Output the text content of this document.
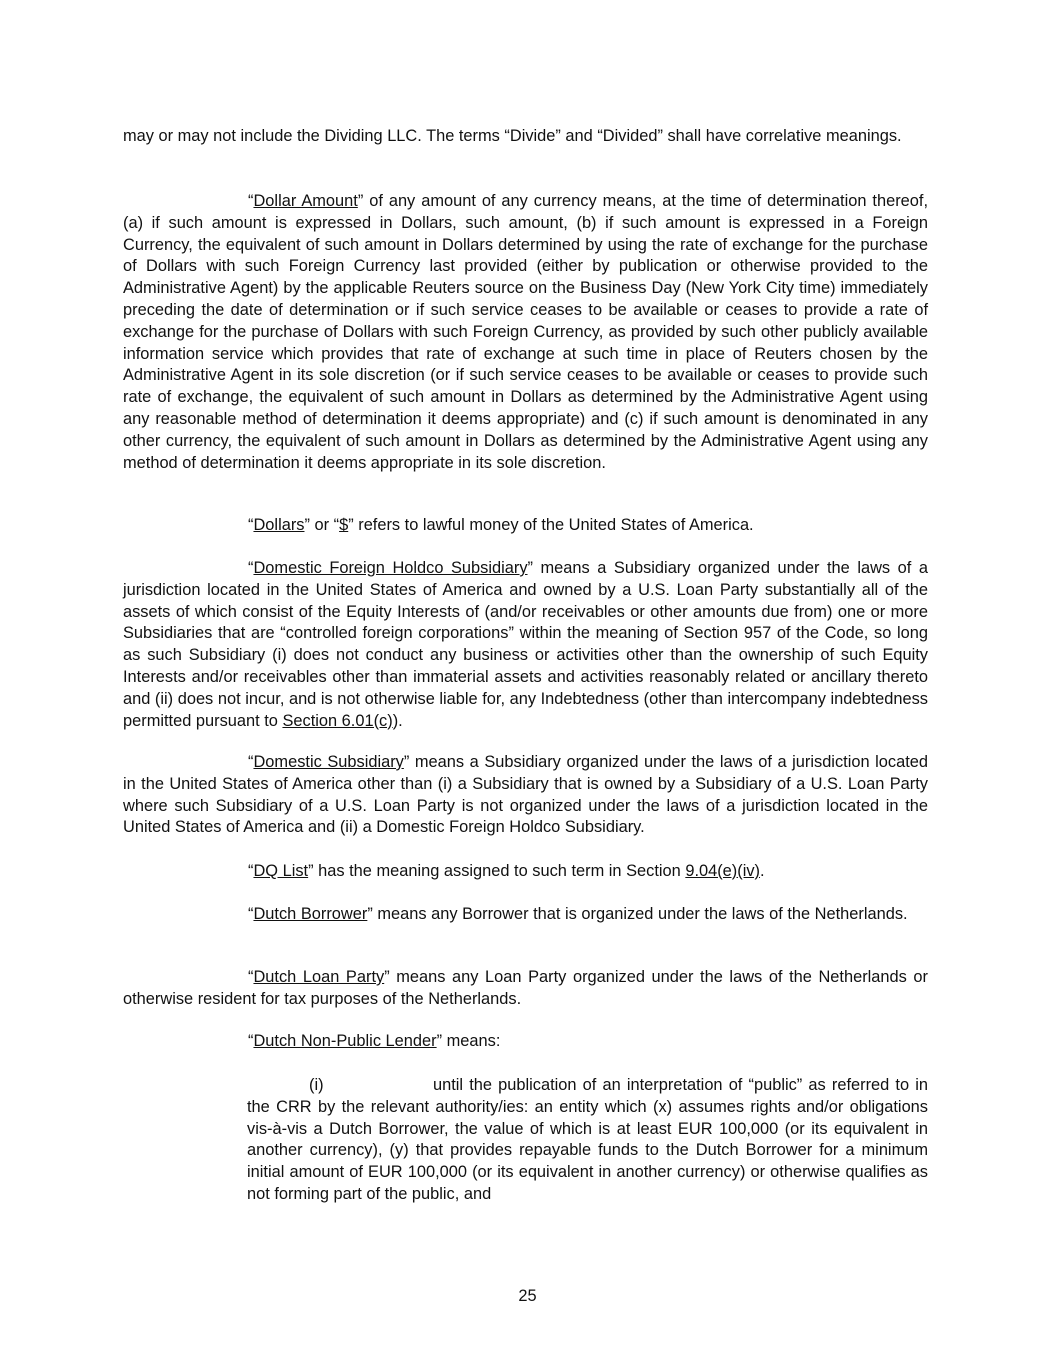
may or may not include the Dividing LLC. The terms “Divide” and “Divided” shall have correlative meanings.

“Dollar Amount” of any amount of any currency means, at the time of determination thereof, (a) if such amount is expressed in Dollars, such amount, (b) if such amount is expressed in a Foreign Currency, the equivalent of such amount in Dollars determined by using the rate of exchange for the purchase of Dollars with such Foreign Currency last provided (either by publication or otherwise provided to the Administrative Agent) by the applicable Reuters source on the Business Day (New York City time) immediately preceding the date of determination or if such service ceases to be available or ceases to provide a rate of exchange for the purchase of Dollars with such Foreign Currency, as provided by such other publicly available information service which provides that rate of exchange at such time in place of Reuters chosen by the Administrative Agent in its sole discretion (or if such service ceases to be available or ceases to provide such rate of exchange, the equivalent of such amount in Dollars as determined by the Administrative Agent using any reasonable method of determination it deems appropriate) and (c) if such amount is denominated in any other currency, the equivalent of such amount in Dollars as determined by the Administrative Agent using any method of determination it deems appropriate in its sole discretion.

“Dollars” or “$” refers to lawful money of the United States of America.

“Domestic Foreign Holdco Subsidiary” means a Subsidiary organized under the laws of a jurisdiction located in the United States of America and owned by a U.S. Loan Party substantially all of the assets of which consist of the Equity Interests of (and/or receivables or other amounts due from) one or more Subsidiaries that are “controlled foreign corporations” within the meaning of Section 957 of the Code, so long as such Subsidiary (i) does not conduct any business or activities other than the ownership of such Equity Interests and/or receivables other than immaterial assets and activities reasonably related or ancillary thereto and (ii) does not incur, and is not otherwise liable for, any Indebtedness (other than intercompany indebtedness permitted pursuant to Section 6.01(c)).

“Domestic Subsidiary” means a Subsidiary organized under the laws of a jurisdiction located in the United States of America other than (i) a Subsidiary that is owned by a Subsidiary of a U.S. Loan Party where such Subsidiary of a U.S. Loan Party is not organized under the laws of a jurisdiction located in the United States of America and (ii) a Domestic Foreign Holdco Subsidiary.

“DQ List” has the meaning assigned to such term in Section 9.04(e)(iv).

“Dutch Borrower” means any Borrower that is organized under the laws of the Netherlands.

“Dutch Loan Party” means any Loan Party organized under the laws of the Netherlands or otherwise resident for tax purposes of the Netherlands.

“Dutch Non-Public Lender” means:

(i)	until the publication of an interpretation of “public” as referred to in the CRR by the relevant authority/ies: an entity which (x) assumes rights and/or obligations vis-à-vis a Dutch Borrower, the value of which is at least EUR 100,000 (or its equivalent in another currency), (y) that provides repayable funds to the Dutch Borrower for a minimum initial amount of EUR 100,000 (or its equivalent in another currency) or otherwise qualifies as not forming part of the public, and

25
